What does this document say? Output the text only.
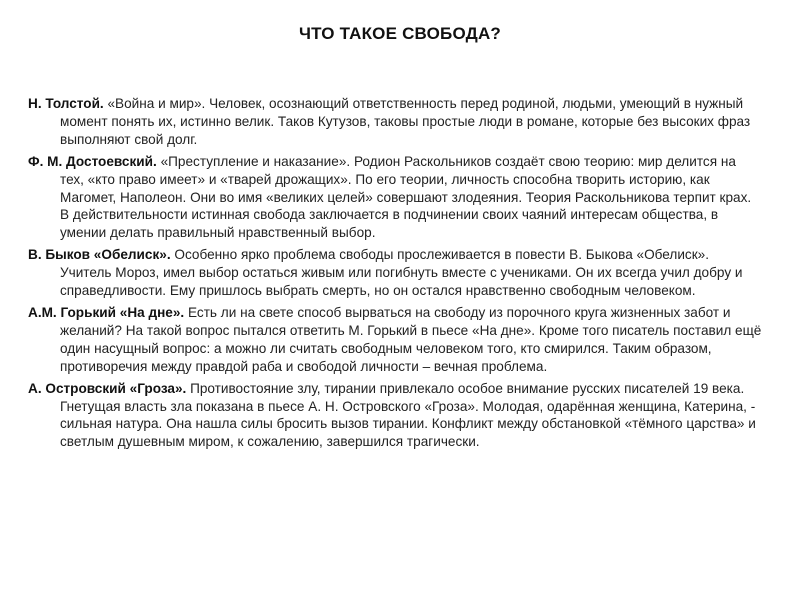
ЧТО ТАКОЕ СВОБОДА?

Н. Толстой. «Война и мир». Человек, осознающий ответственность перед родиной, людьми, умеющий в нужный момент понять их, истинно велик. Таков Кутузов, таковы простые люди в романе, которые без высоких фраз выполняют свой долг.

Ф. М. Достоевский. «Преступление и наказание». Родион Раскольников создаёт свою теорию: мир делится на тех, «кто право имеет» и «тварей дрожащих». По его теории, личность способна творить историю, как Магомет, Наполеон. Они во имя «великих целей» совершают злодеяния. Теория Раскольникова терпит крах. В действительности истинная свобода заключается в подчинении своих чаяний интересам общества, в умении делать правильный нравственный выбор.

В. Быков «Обелиск». Особенно ярко проблема свободы прослеживается в повести В. Быкова «Обелиск». Учитель Мороз, имел выбор остаться живым или погибнуть вместе с учениками. Он их всегда учил добру и справедливости. Ему пришлось выбрать смерть, но он остался нравственно свободным человеком.

А.М. Горький «На дне». Есть ли на свете способ вырваться на свободу из порочного круга жизненных забот и желаний? На такой вопрос пытался ответить М. Горький в пьесе «На дне». Кроме того писатель поставил ещё один насущный вопрос: а можно ли считать свободным человеком того, кто смирился. Таким образом, противоречия между правдой раба и свободой личности – вечная проблема.

А. Островский «Гроза». Противостояние злу, тирании привлекало особое внимание русских писателей 19 века. Гнетущая власть зла показана в пьесе А. Н. Островского «Гроза». Молодая, одарённая женщина, Катерина, - сильная натура. Она нашла силы бросить вызов тирании. Конфликт между обстановкой «тёмного царства» и светлым душевным миром, к сожалению, завершился трагически.
